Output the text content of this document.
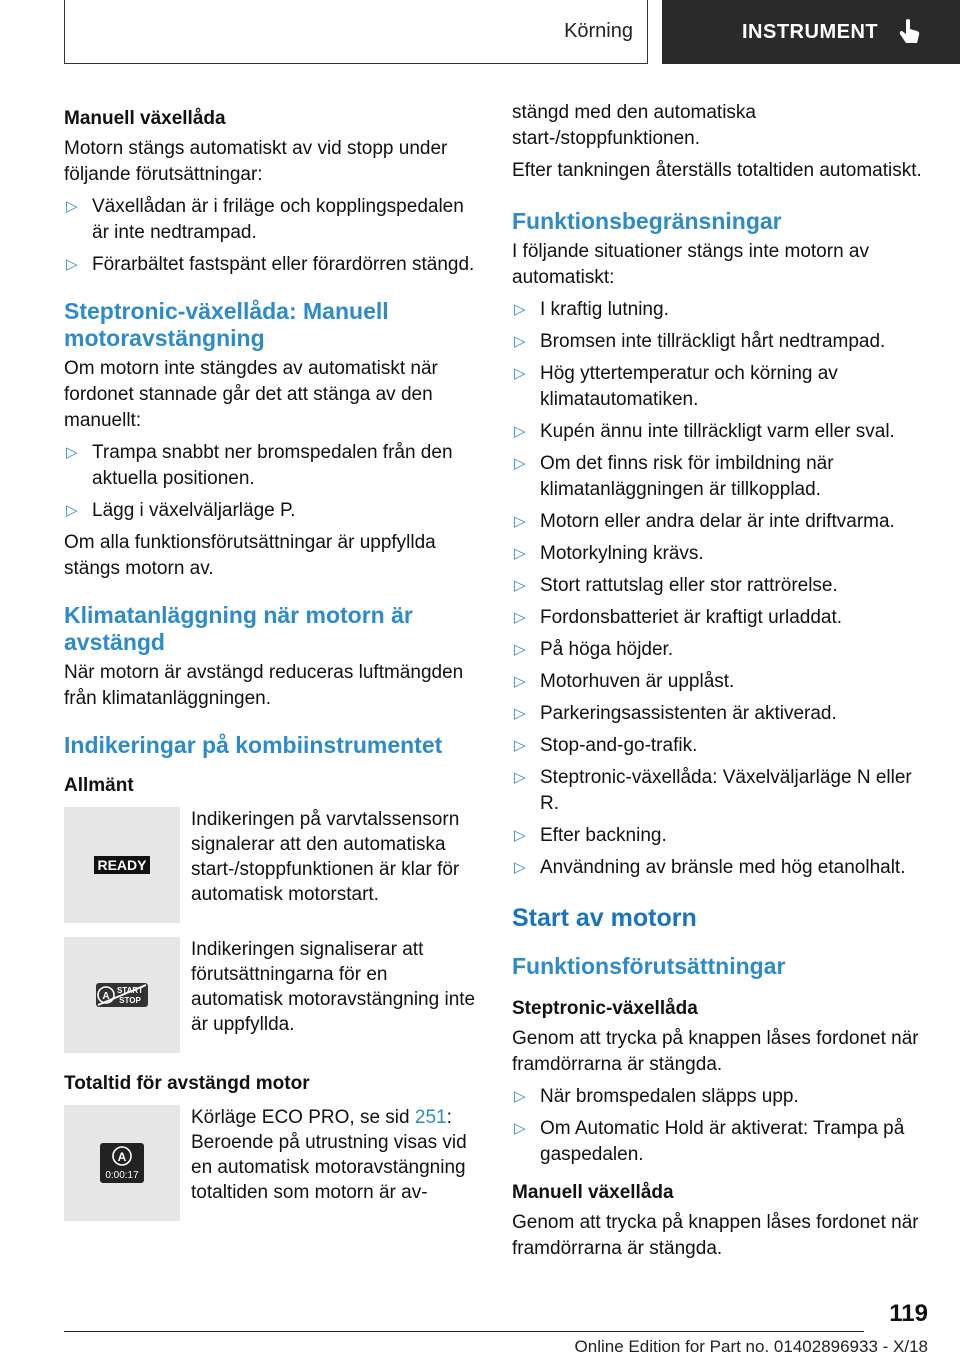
Körning	INSTRUMENT
Manuell växellåda

Motorn stängs automatiskt av vid stopp under följande förutsättningar:

▷ Växellådan är i friläge och kopplingspedalen är inte nedtrampad.
▷ Förarbältet fastspänt eller förardörren stängd.
Steptronic-växellåda: Manuell motoravstängning

Om motorn inte stängdes av automatiskt när fordonet stannade går det att stänga av den manuellt:

▷ Trampa snabbt ner bromspedalen från den aktuella positionen.
▷ Lägg i växelväljarläge P.

Om alla funktionsförutsättningar är uppfyllda stängs motorn av.

Klimatanläggning när motorn är avstängd

När motorn är avstängd reduceras luftmängden från klimatanläggningen.

Indikeringar på kombiinstrumentet
Allmänt
READY
Indikeringen på varvtalssensorn signalerar att den automatiska start-/stoppfunktionen är klar för automatisk motorstart.
A
START
STOP
Indikeringen signaliserar att förutsättningarna för en automatisk motoravstängning inte är uppfyllda.
Totaltid för avstängd motor
A
0:00:17
Körläge ECO PRO, se sid 251: Beroende på utrustning visas vid en automatisk motoravstängning totaltiden som motorn är av-

stängd med den automatiska start-/stoppfunktionen.

Efter tankningen återställs totaltiden automatiskt.

Funktionsbegränsningar

I följande situationer stängs inte motorn av automatiskt:

▷ I kraftig lutning.
▷ Bromsen inte tillräckligt hårt nedtrampad.
▷ Hög yttertemperatur och körning av klimatautomatiken.
▷ Kupén ännu inte tillräckligt varm eller sval.
▷ Om det finns risk för imbildning när klimatanläggningen är tillkopplad.
▷ Motorn eller andra delar är inte driftvarma.
▷ Motorkylning krävs.
▷ Stort rattutslag eller stor rattrörelse.
▷ Fordonsbatteriet är kraftigt urladdat.
▷ På höga höjder.
▷ Motorhuven är upplåst.
▷ Parkeringsassistenten är aktiverad.
▷ Stop-and-go-trafik.
▷ Steptronic-växellåda: Växelväljarläge N eller R.
▷ Efter backning.
▷ Användning av bränsle med hög etanolhalt.
Start av motorn
Funktionsförutsättningar
Steptronic-växellåda

Genom att trycka på knappen låses fordonet när framdörrarna är stängda.

▷ När bromspedalen släpps upp.
▷ Om Automatic Hold är aktiverat: Trampa på gaspedalen.
Manuell växellåda

Genom att trycka på knappen låses fordonet när framdörrarna är stängda.

119
Online Edition for Part no. 01402896933 - X/18
